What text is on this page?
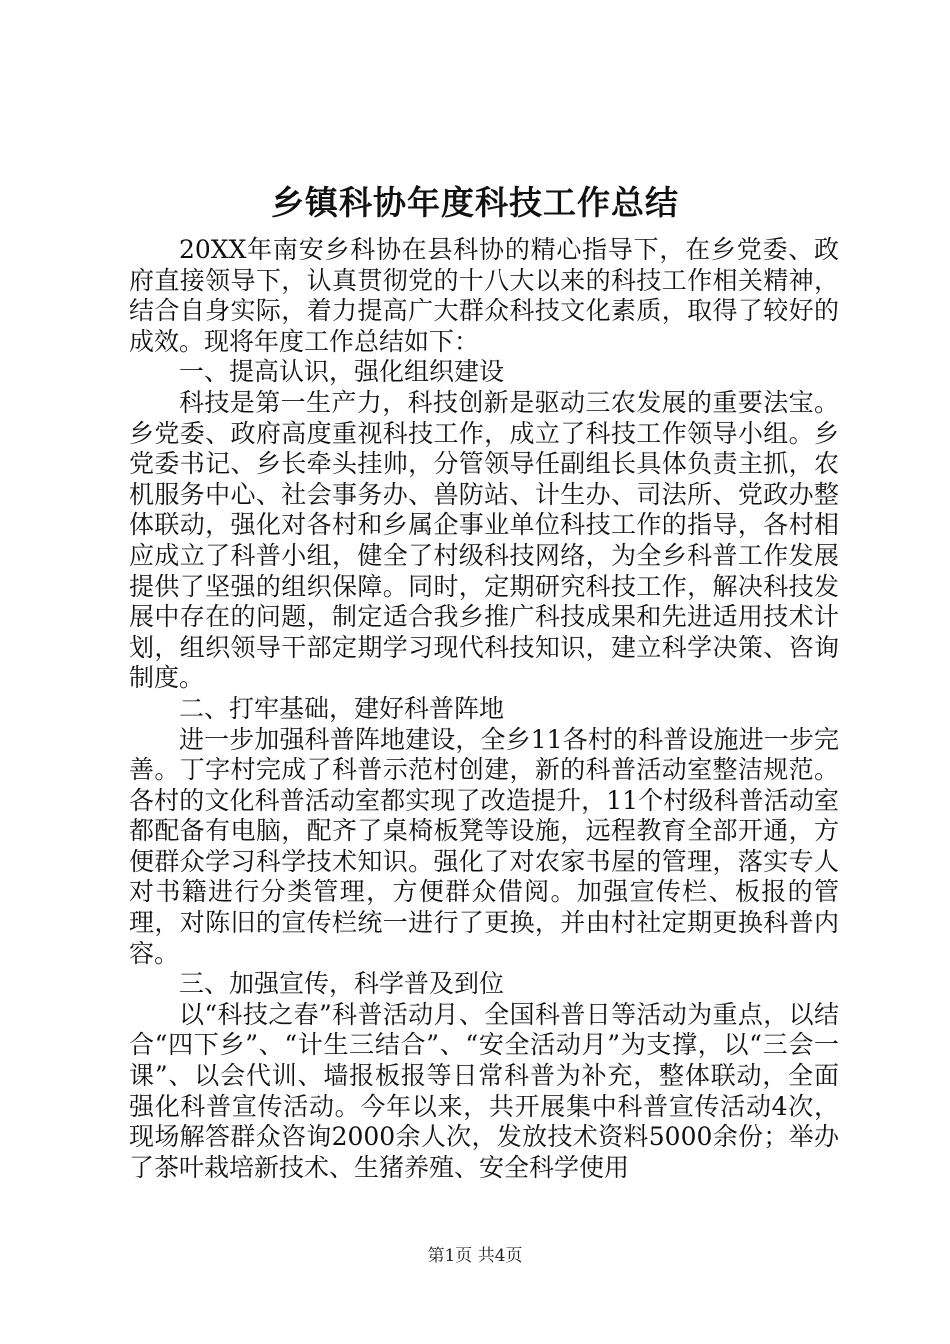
乡镇科协年度科技工作总结

20XX年南安乡科协在县科协的精心指导下，在乡党委、政府直接领导下，认真贯彻党的十八大以来的科技工作相关精神，结合自身实际，着力提高广大群众科技文化素质，取得了较好的成效。现将年度工作总结如下：

一、提高认识，强化组织建设

科技是第一生产力，科技创新是驱动三农发展的重要法宝。乡党委、政府高度重视科技工作，成立了科技工作领导小组。乡党委书记、乡长牵头挂帅，分管领导任副组长具体负责主抓，农机服务中心、社会事务办、兽防站、计生办、司法所、党政办整体联动，强化对各村和乡属企事业单位科技工作的指导，各村相应成立了科普小组，健全了村级科技网络，为全乡科普工作发展提供了坚强的组织保障。同时，定期研究科技工作，解决科技发展中存在的问题，制定适合我乡推广科技成果和先进适用技术计划，组织领导干部定期学习现代科技知识，建立科学决策、咨询制度。

二、打牢基础，建好科普阵地

进一步加强科普阵地建设，全乡11各村的科普设施进一步完善。丁字村完成了科普示范村创建，新的科普活动室整洁规范。各村的文化科普活动室都实现了改造提升，11个村级科普活动室都配备有电脑，配齐了桌椅板凳等设施，远程教育全部开通，方便群众学习科学技术知识。强化了对农家书屋的管理，落实专人对书籍进行分类管理，方便群众借阅。加强宣传栏、板报的管理，对陈旧的宣传栏统一进行了更换，并由村社定期更换科普内容。

三、加强宣传，科学普及到位

以“科技之春”科普活动月、全国科普日等活动为重点，以结合“四下乡”、“计生三结合”、“安全活动月”为支撑，以“三会一课”、以会代训、墙报板报等日常科普为补充，整体联动，全面强化科普宣传活动。今年以来，共开展集中科普宣传活动4次，现场解答群众咨询2000余人次，发放技术资料5000余份；举办了茶叶栽培新技术、生猪养殖、安全科学使用

第1页 共4页
